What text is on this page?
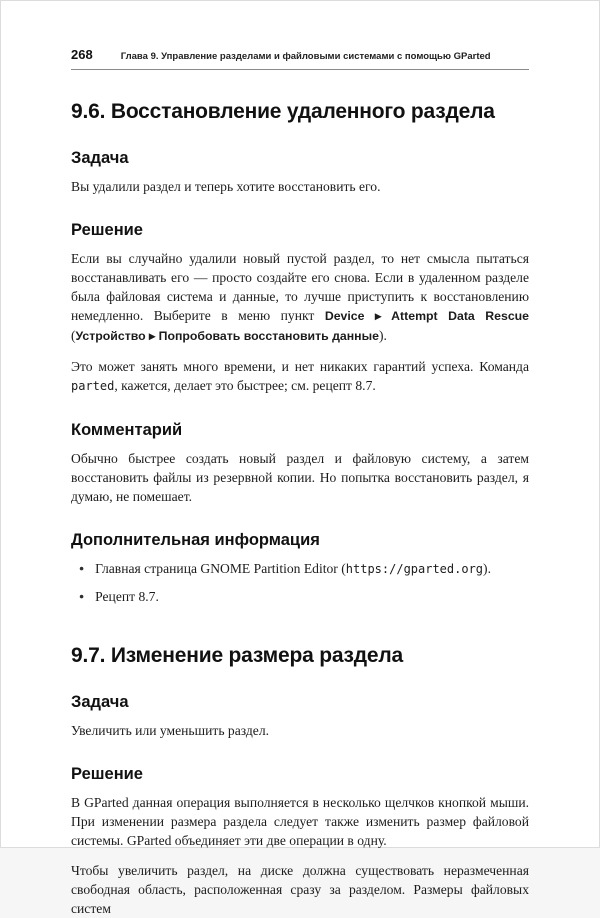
268	Глава 9. Управление разделами и файловыми системами с помощью GParted
9.6. Восстановление удаленного раздела
Задача

Вы удалили раздел и теперь хотите восстановить его.

Решение

Если вы случайно удалили новый пустой раздел, то нет смысла пытаться восстанавливать его — просто создайте его снова. Если в удаленном разделе была файловая система и данные, то лучше приступить к восстановлению немедленно. Выберите в меню пункт Device ▸ Attempt Data Rescue (Устройство ▸ Попробовать восстановить данные).

Это может занять много времени, и нет никаких гарантий успеха. Команда parted, кажется, делает это быстрее; см. рецепт 8.7.

Комментарий

Обычно быстрее создать новый раздел и файловую систему, а затем восстановить файлы из резервной копии. Но попытка восстановить раздел, я думаю, не помешает.

Дополнительная информация
● Главная страница GNOME Partition Editor (https://gparted.org).
● Рецепт 8.7.
9.7. Изменение размера раздела
Задача

Увеличить или уменьшить раздел.

Решение

В GParted данная операция выполняется в несколько щелчков кнопкой мыши. При изменении размера раздела следует также изменить размер файловой системы. GParted объединяет эти две операции в одну.

Чтобы увеличить раздел, на диске должна существовать неразмеченная свободная область, расположенная сразу за разделом. Размеры файловых систем
